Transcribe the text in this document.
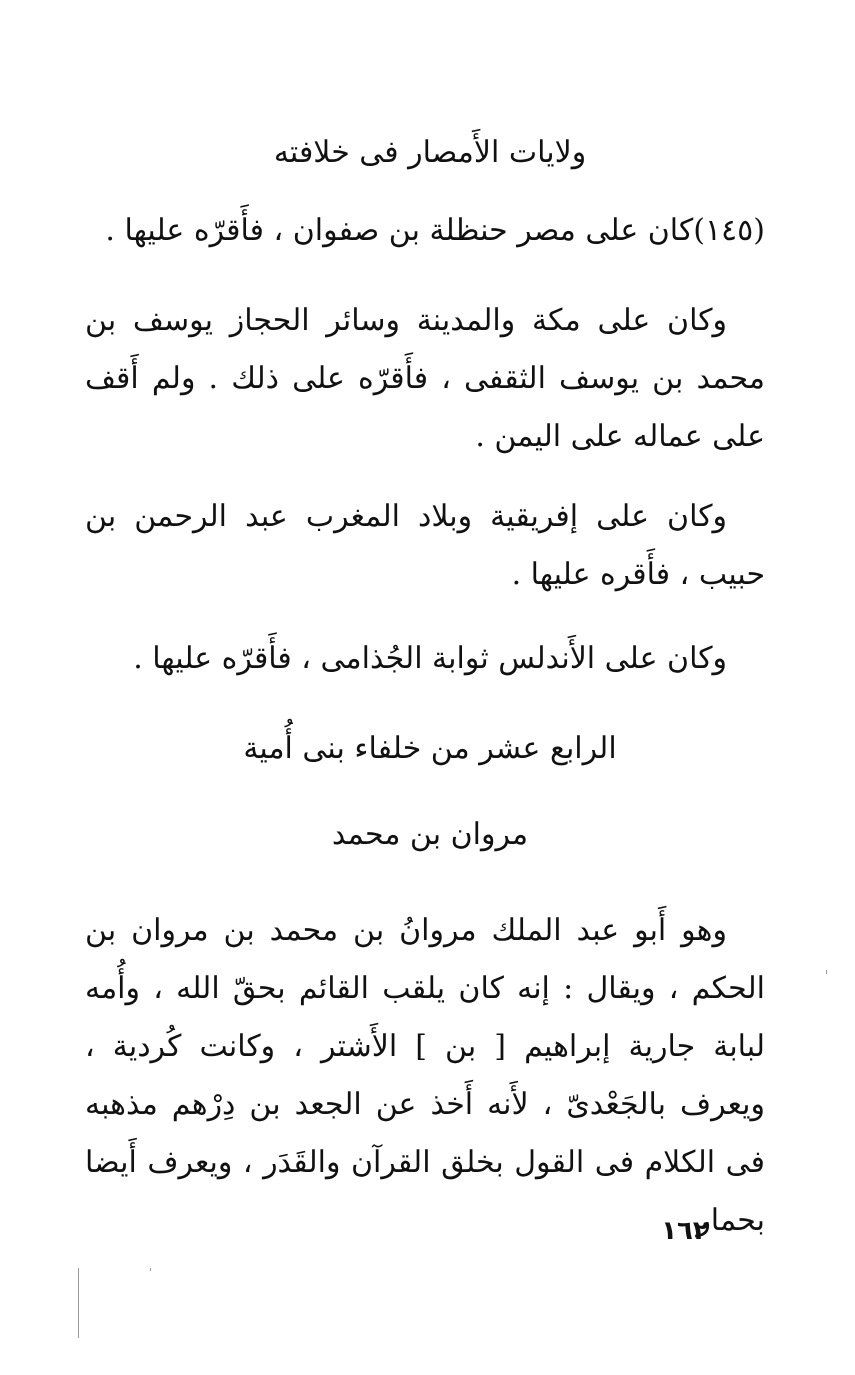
ولايات الأَمصار فى خلافته
(١٤٥)كان على مصر حنظلة بن صفوان ، فأَقرّه عليها .
وكان على مكة والمدينة وسائر الحجاز يوسف بن محمد بن يوسف الثقفى ، فأَقرّه على ذلك . ولم أَقف على عماله على اليمن .
وكان على إفريقية وبلاد المغرب عبد الرحمن بن حبيب ، فأَقره عليها .
وكان على الأَندلس ثوابة الجُذامى ، فأَقرّه عليها .
الرابع عشر من خلفاء بنى أُمية
مروان بن محمد
وهو أَبو عبد الملك مروانُ بن محمد بن مروان بن الحكم ، ويقال : إنه كان يلقب القائم بحقّ الله ، وأُمه لبابة جارية إبراهيم [ بن ] الأَشتر ، وكانت كُردية ، ويعرف بالجَعْدىّ ، لأَنه أَخذ عن الجعد بن دِرْهم مذهبه فى الكلام فى القول بخلق القرآن والقَدَر ، ويعرف أَيضا بحمار
١٦٢
